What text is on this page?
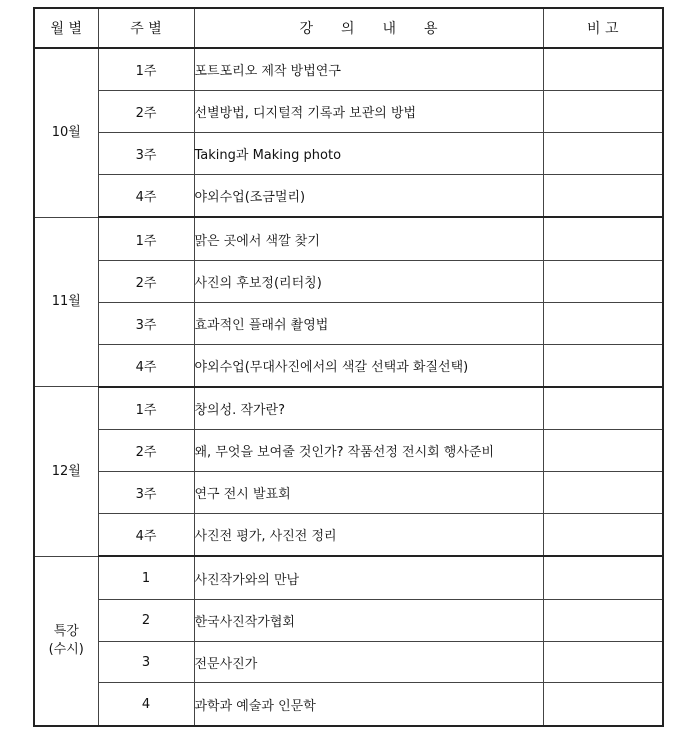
월 별	주 별	강　　의　　내　　용	비 고
10월	1주	포트포리오 제작 방법연구	
	2주	선별방법, 디지털적 기록과 보관의 방법	
	3주	Taking과 Making photo	
	4주	야외수업(조금멀리)	
11월	1주	맑은 곳에서 색깔 찾기	
	2주	사진의 후보정(리터칭)	
	3주	효과적인 플래쉬 촬영법	
	4주	야외수업(무대사진에서의 색갈 선택과 화질선택)	
12월	1주	창의성. 작가란?	
	2주	왜, 무엇을 보여줄 것인가? 작품선정 전시회 행사준비	
	3주	연구 전시 발표회	
	4주	사진전 평가, 사진전 정리	

특강
(수시)	1	사진작가와의 만남	
	2	한국사진작가협회	
	3	전문사진가	
	4	과학과 예술과 인문학	
